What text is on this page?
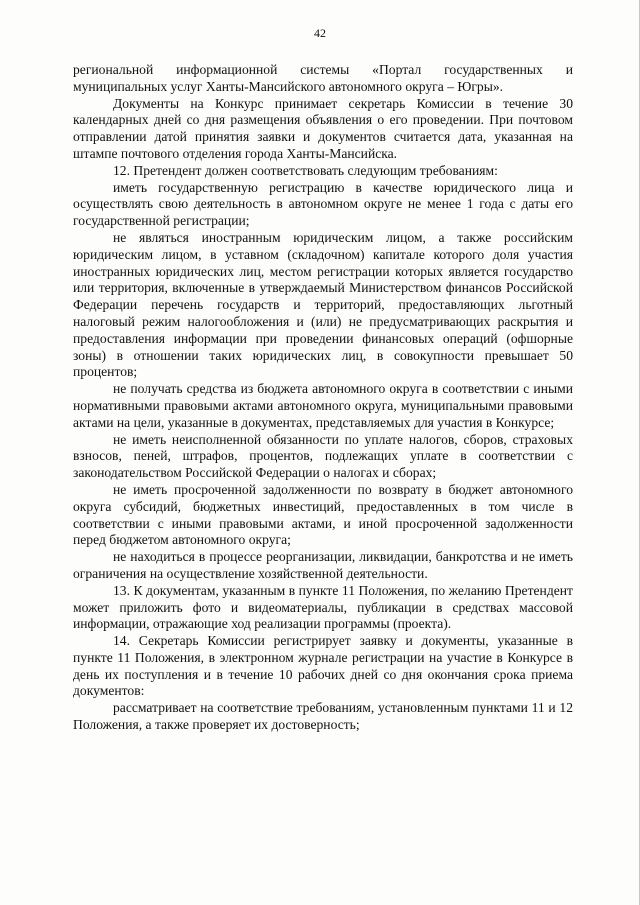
42

региональной информационной системы «Портал государственных и муниципальных услуг Ханты-Мансийского автономного округа – Югры».

Документы на Конкурс принимает секретарь Комиссии в течение 30 календарных дней со дня размещения объявления о его проведении. При почтовом отправлении датой принятия заявки и документов считается дата, указанная на штампе почтового отделения города Ханты-Мансийска.

12. Претендент должен соответствовать следующим требованиям:

иметь государственную регистрацию в качестве юридического лица и осуществлять свою деятельность в автономном округе не менее 1 года с даты его государственной регистрации;

не являться иностранным юридическим лицом, а также российским юридическим лицом, в уставном (складочном) капитале которого доля участия иностранных юридических лиц, местом регистрации которых является государство или территория, включенные в утверждаемый Министерством финансов Российской Федерации перечень государств и территорий, предоставляющих льготный налоговый режим налогообложения и (или) не предусматривающих раскрытия и предоставления информации при проведении финансовых операций (офшорные зоны) в отношении таких юридических лиц, в совокупности превышает 50 процентов;

не получать средства из бюджета автономного округа в соответствии с иными нормативными правовыми актами автономного округа, муниципальными правовыми актами на цели, указанные в документах, представляемых для участия в Конкурсе;

не иметь неисполненной обязанности по уплате налогов, сборов, страховых взносов, пеней, штрафов, процентов, подлежащих уплате в соответствии с законодательством Российской Федерации о налогах и сборах;

не иметь просроченной задолженности по возврату в бюджет автономного округа субсидий, бюджетных инвестиций, предоставленных в том числе в соответствии с иными правовыми актами, и иной просроченной задолженности перед бюджетом автономного округа;

не находиться в процессе реорганизации, ликвидации, банкротства и не иметь ограничения на осуществление хозяйственной деятельности.

13. К документам, указанным в пункте 11 Положения, по желанию Претендент может приложить фото и видеоматериалы, публикации в средствах массовой информации, отражающие ход реализации программы (проекта).

14. Секретарь Комиссии регистрирует заявку и документы, указанные в пункте 11 Положения, в электронном журнале регистрации на участие в Конкурсе в день их поступления и в течение 10 рабочих дней со дня окончания срока приема документов:

рассматривает на соответствие требованиям, установленным пунктами 11 и 12 Положения, а также проверяет их достоверность;
